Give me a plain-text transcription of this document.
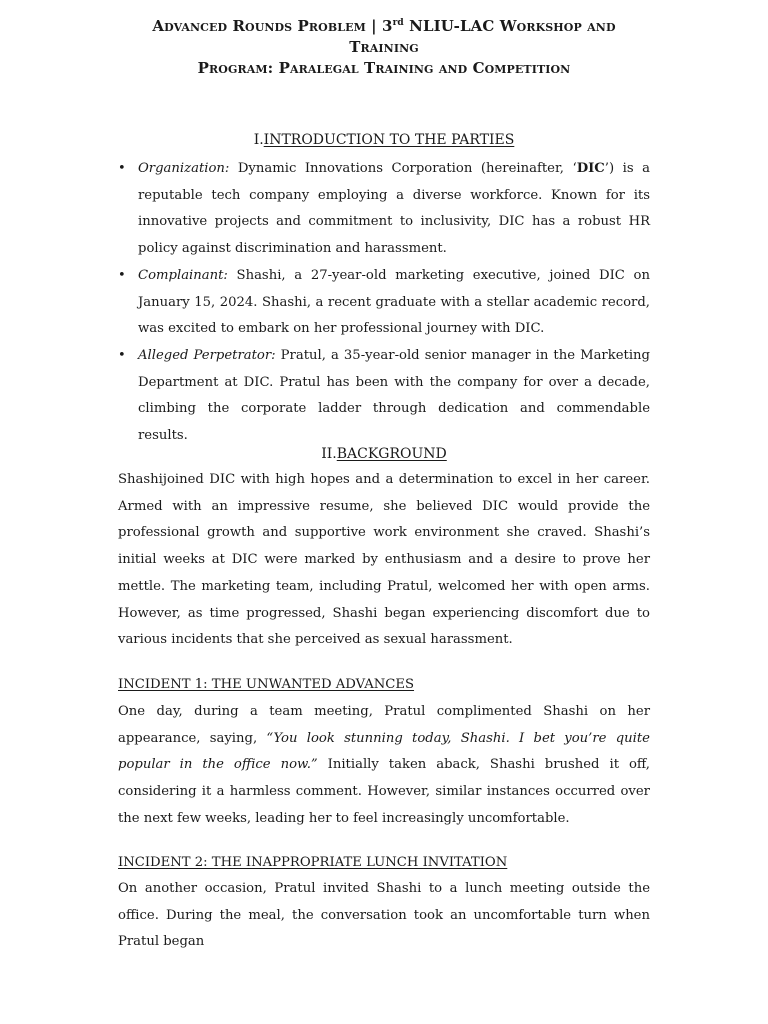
Advanced Rounds Problem | 3rd NLIU-LAC Workshop and Training
Program: Paralegal Training and Competition
I.INTRODUCTION TO THE PARTIES
• Organization: Dynamic Innovations Corporation (hereinafter, ‘DIC’) is a reputable tech company employing a diverse workforce. Known for its innovative projects and commitment to inclusivity, DIC has a robust HR policy against discrimination and harassment.
• Complainant: Shashi, a 27-year-old marketing executive, joined DIC on January 15, 2024. Shashi, a recent graduate with a stellar academic record, was excited to embark on her professional journey with DIC.
• Alleged Perpetrator: Pratul, a 35-year-old senior manager in the Marketing Department at DIC. Pratul has been with the company for over a decade, climbing the corporate ladder through dedication and commendable results.
II.BACKGROUND

Shashijoined DIC with high hopes and a determination to excel in her career. Armed with an impressive resume, she believed DIC would provide the professional growth and supportive work environment she craved. Shashi’s initial weeks at DIC were marked by enthusiasm and a desire to prove her mettle. The marketing team, including Pratul, welcomed her with open arms. However, as time progressed, Shashi began experiencing discomfort due to various incidents that she perceived as sexual harassment.

INCIDENT 1: THE UNWANTED ADVANCES

One day, during a team meeting, Pratul complimented Shashi on her appearance, saying, “You look stunning today, Shashi. I bet you’re quite popular in the office now.” Initially taken aback, Shashi brushed it off, considering it a harmless comment. However, similar instances occurred over the next few weeks, leading her to feel increasingly uncomfortable.

INCIDENT 2: THE INAPPROPRIATE LUNCH INVITATION

On another occasion, Pratul invited Shashi to a lunch meeting outside the office. During the meal, the conversation took an uncomfortable turn when Pratul began
